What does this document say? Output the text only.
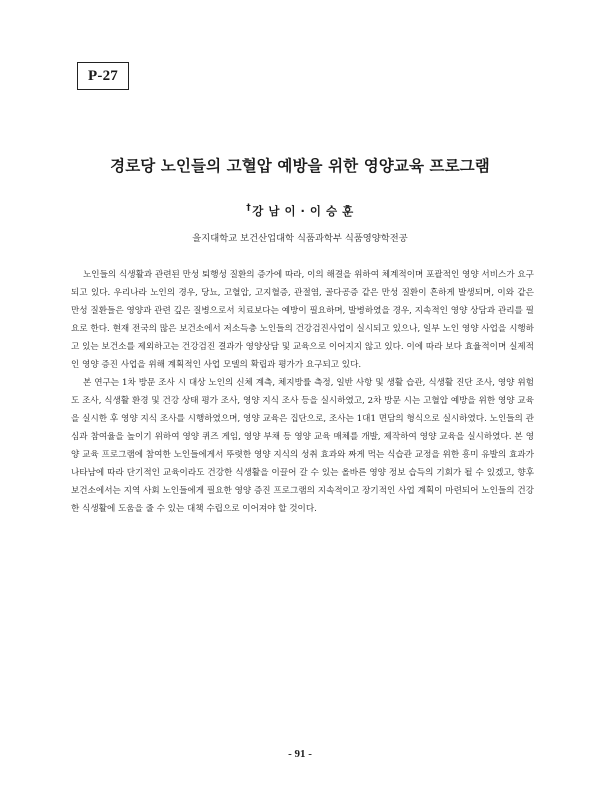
P-27
경로당 노인들의 고혈압 예방을 위한 영양교육 프로그램
†강 남 이 · 이 승 훈
을지대학교 보건산업대학 식품과학부 식품영양학전공

노인들의 식생활과 관련된 만성 퇴행성 질환의 증가에 따라, 이의 해결을 위하여 체계적이며 포괄적인 영양 서비스가 요구되고 있다. 우리나라 노인의 경우, 당뇨, 고혈압, 고지혈증, 관절염, 골다공증 같은 만성 질환이 흔하게 발생되며, 이와 같은 만성 질환들은 영양과 관련 깊은 질병으로서 치료보다는 예방이 필요하며, 발병하였을 경우, 지속적인 영양 상담과 관리를 필요로 한다. 현재 전국의 많은 보건소에서 저소득층 노인들의 건강검진사업이 실시되고 있으나, 일부 노인 영양 사업을 시행하고 있는 보건소를 제외하고는 건강검진 결과가 영양상담 및 교육으로 이어지지 않고 있다. 이에 따라 보다 효율적이며 실제적인 영양 증진 사업을 위해 계획적인 사업 모델의 확립과 평가가 요구되고 있다.

본 연구는 1차 방문 조사 시 대상 노인의 신체 계측, 체지방률 측정, 일반 사항 및 생활 습관, 식생활 진단 조사, 영양 위험도 조사, 식생활 환경 및 건강 상태 평가 조사, 영양 지식 조사 등을 실시하였고, 2차 방문 시는 고혈압 예방을 위한 영양 교육을 실시한 후 영양 지식 조사를 시행하였으며, 영양 교육은 집단으로, 조사는 1대1 면담의 형식으로 실시하였다. 노인들의 관심과 참여율을 높이기 위하여 영양 퀴즈 게임, 영양 부채 등 영양 교육 매체를 개발, 제작하여 영양 교육을 실시하였다. 본 영양 교육 프로그램에 참여한 노인들에게서 뚜렷한 영양 지식의 성취 효과와 짜게 먹는 식습관 교정을 위한 흥미 유발의 효과가 나타남에 따라 단기적인 교육이라도 건강한 식생활을 이끌어 갈 수 있는 올바른 영양 정보 습득의 기회가 될 수 있겠고, 향후 보건소에서는 지역 사회 노인들에게 필요한 영양 증진 프로그램의 지속적이고 장기적인 사업 계획이 마련되어 노인들의 건강한 식생활에 도움을 줄 수 있는 대책 수립으로 이어져야 할 것이다.

- 91 -
